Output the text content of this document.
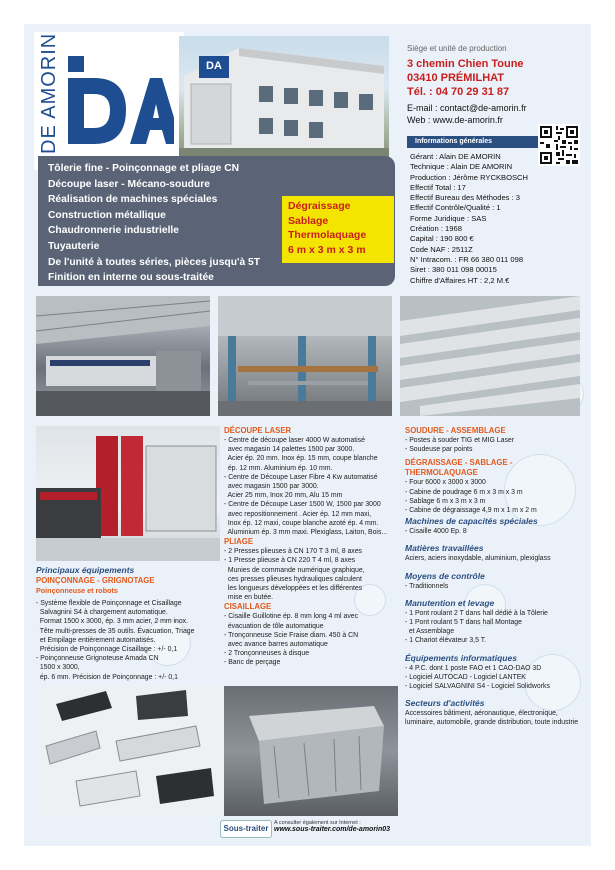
DE AMORIN	DA
Siège et unité de production
3 chemin Chien Toune
03410 PRÉMILHAT
Tél. : 04 70 29 31 87
E-mail : contact@de-amorin.fr
Web : www.de-amorin.fr
Informations générales
Gérant : Alain DE AMORIN
Technique : Alain DE AMORIN
Production : Jérôme RYCKBOSCH
Effectif Total : 17
Effectif Bureau des Méthodes : 3
Effectif Contrôle/Qualité : 1
Forme Juridique : SAS
Création : 1968
Capital : 190 800 €
Code NAF : 2511Z
N° Intracom. : FR 66 380 011 098
Siret : 380 011 098 00015
Chiffre d'Affaires HT : 2,2 M.€
Tôlerie fine - Poinçonnage et pliage CN
Découpe laser - Mécano-soudure
Réalisation de machines spéciales
Construction métallique
Chaudronnerie industrielle
Tuyauterie
De l'unité à toutes séries, pièces jusqu'à 5T
Finition en interne ou sous-traitée
Dégraissage
Sablage
Thermolaquage
6 m x 3 m x 3 m
DÉCOUPE LASER
- Centre de découpe laser 4000 W automatisé
avec magasin 14 palettes 1500 par 3000.
Acier ép. 20 mm. Inox ép. 15 mm, coupe blanche
ép. 12 mm. Aluminium ép. 10 mm.
- Centre de Découpe Laser Fibre 4 Kw automatisé
avec magasin 1500 par 3000.
Acier 25 mm, Inox 20 mm, Alu 15 mm
- Centre de Découpe Laser 1500 W, 1500 par 3000
avec repositionnement . Acier ép. 12 mm maxi,
Inox ép. 12 maxi, coupe blanche azoté ép. 4 mm.
Aluminium ép. 3 mm maxi. Plexiglass, Laiton, Bois...
PLIAGE
- 2 Presses plieuses à CN 170 T 3 ml, 8 axes
- 1 Presse plieuse à CN 220 T 4 ml, 8 axes
Munies de commande numérique graphique,
ces presses plieuses hydrauliques calculent
les longueurs développées et les différentes
mise en butée.
CISAILLAGE
- Cisaille Guillotine ép. 8 mm long 4 ml avec
évacuation de tôle automatique
- Tronçonneuse Scie Fraise diam. 450 à CN
avec avance barres automatique
- 2 Tronçonneuses à disque
- Banc de perçage
Principaux équipements
POINÇONNAGE - GRIGNOTAGE
Poinçonneuse et robots
- Système flexible de Poinçonnage et Cisaillage
Salvagnini S4 à chargement automatique.
Format 1500 x 3000, ép. 3 mm acier, 2 mm inox.
Tête multi-presses de 35 outils. Évacuation, Triage
et Empilage entièrement automatisés.
Précision de Poinçonnage Cisaillage : +/- 0,1
- Poinçonneuse Grignoteuse Amada CN
1500 x 3000,
ép. 6 mm. Précision de Poinçonnage : +/- 0,1
SOUDURE - ASSEMBLAGE
- Postes à souder TIG et MIG Laser
- Soudeuse par points
DÉGRAISSAGE - SABLAGE - THERMOLAQUAGE
- Four 6000 x 3000 x 3000
- Cabine de poudrage 6 m x 3 m x 3 m
- Sablage 6 m x 3 m x 3 m
- Cabine de dégraissage 4,9 m x 1 m x 2 m
Machines de capacités spéciales
- Cisaille 4000 Ep. 8
Matières travaillées
Aciers, aciers inoxydable, aluminium, plexiglass
Moyens de contrôle
- Traditionnels
Manutention et levage
- 1 Pont roulant 2 T dans hall dédié à la Tôlerie
- 1 Pont roulant 5 T dans hall Montage
et Assemblage
- 1 Chariot élévateur 3,5 T.
Équipements informatiques
- 4 P.C. dont 1 poste FAO et 1 CAO-DAO 3D
- Logiciel AUTOCAD - Logiciel LANTEK
- Logiciel SALVAGNINI S4 - Logiciel Solidworks
Secteurs d'activités
Accessoires bâtiment, aéronautique, électronique, luminaire, automobile, grande distribution, toute industrie
Sous-traiter
A consulter également sur Internet :
www.sous-traiter.com/de-amorin03
